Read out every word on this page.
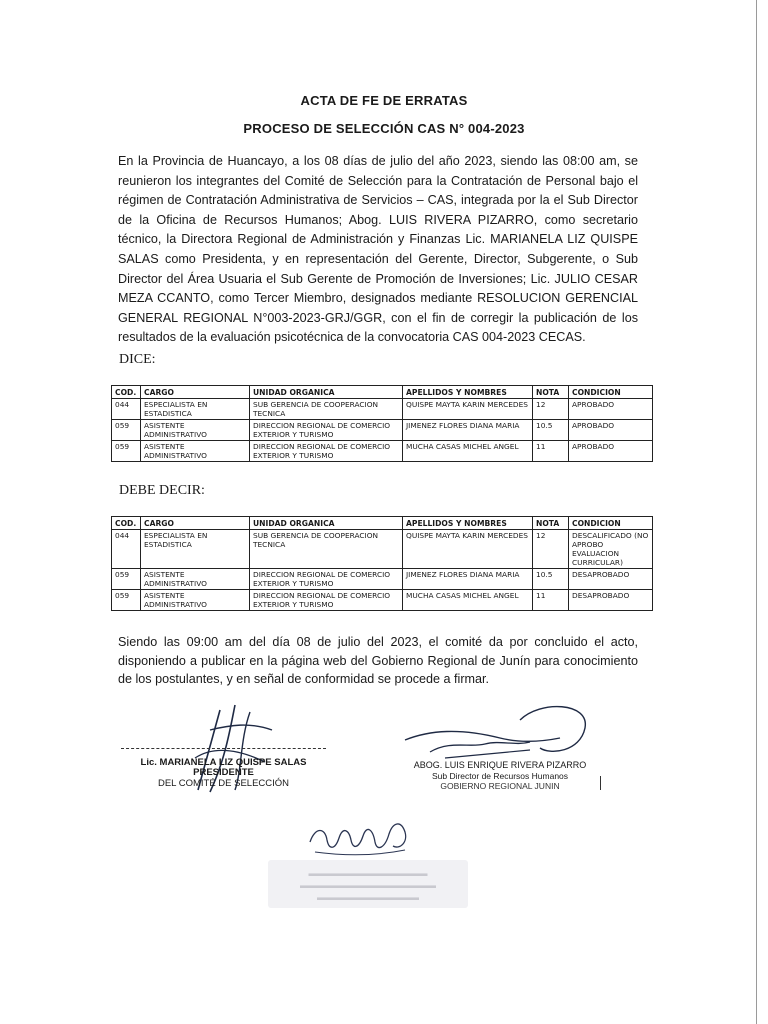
ACTA DE FE DE ERRATAS
PROCESO DE SELECCIÓN CAS N° 004-2023
En la Provincia de Huancayo, a los 08 días de julio del año 2023, siendo las 08:00 am, se reunieron los integrantes del Comité de Selección para la Contratación de Personal bajo el régimen de Contratación Administrativa de Servicios – CAS, integrada por la el Sub Director de la Oficina de Recursos Humanos; Abog. LUIS RIVERA PIZARRO, como secretario técnico, la Directora Regional de Administración y Finanzas Lic. MARIANELA LIZ QUISPE SALAS como Presidenta, y en representación del Gerente, Director, Subgerente, o Sub Director del Área Usuaria el Sub Gerente de Promoción de Inversiones; Lic. JULIO CESAR MEZA CCANTO, como Tercer Miembro, designados mediante RESOLUCION GERENCIAL GENERAL REGIONAL N°003-2023-GRJ/GGR, con el fin de corregir la publicación de los resultados de la evaluación psicotécnica de la convocatoria CAS 004-2023 CECAS.
DICE:
COD.	CARGO	UNIDAD ORGANICA	APELLIDOS Y NOMBRES	NOTA	CONDICION
044	ESPECIALISTA EN ESTADISTICA	SUB GERENCIA DE COOPERACION TECNICA	QUISPE MAYTA KARIN MERCEDES	12	APROBADO
059	ASISTENTE ADMINISTRATIVO	DIRECCION REGIONAL DE COMERCIO EXTERIOR Y TURISMO	JIMENEZ FLORES DIANA MARIA	10.5	APROBADO
059	ASISTENTE ADMINISTRATIVO	DIRECCION REGIONAL DE COMERCIO EXTERIOR Y TURISMO	MUCHA CASAS MICHEL ANGEL	11	APROBADO
DEBE DECIR:
COD.	CARGO	UNIDAD ORGANICA	APELLIDOS Y NOMBRES	NOTA	CONDICION
044	ESPECIALISTA EN ESTADISTICA	SUB GERENCIA DE COOPERACION TECNICA	QUISPE MAYTA KARIN MERCEDES	12	DESCALIFICADO (NO APROBO EVALUACION CURRICULAR)
059	ASISTENTE ADMINISTRATIVO	DIRECCION REGIONAL DE COMERCIO EXTERIOR Y TURISMO	JIMENEZ FLORES DIANA MARIA	10.5	DESAPROBADO
059	ASISTENTE ADMINISTRATIVO	DIRECCION REGIONAL DE COMERCIO EXTERIOR Y TURISMO	MUCHA CASAS MICHEL ANGEL	11	DESAPROBADO
Siendo las 09:00 am del día 08 de julio del 2023, el comité da por concluido el acto, disponiendo a publicar en la página web del Gobierno Regional de Junín para conocimiento de los postulantes, y en señal de conformidad se procede a firmar.
Lic. MARIANELA LIZ QUISPE SALAS
PRESIDENTE
DEL COMITÉ DE SELECCIÓN
ABOG. LUIS ENRIQUE RIVERA PIZARRO
Sub Director de Recursos Humanos
GOBIERNO REGIONAL JUNIN
▬▬▬▬▬▬▬▬▬▬▬▬▬▬
▬▬▬▬▬▬▬▬▬▬▬▬▬▬▬▬
▬▬▬▬▬▬▬▬▬▬▬▬
